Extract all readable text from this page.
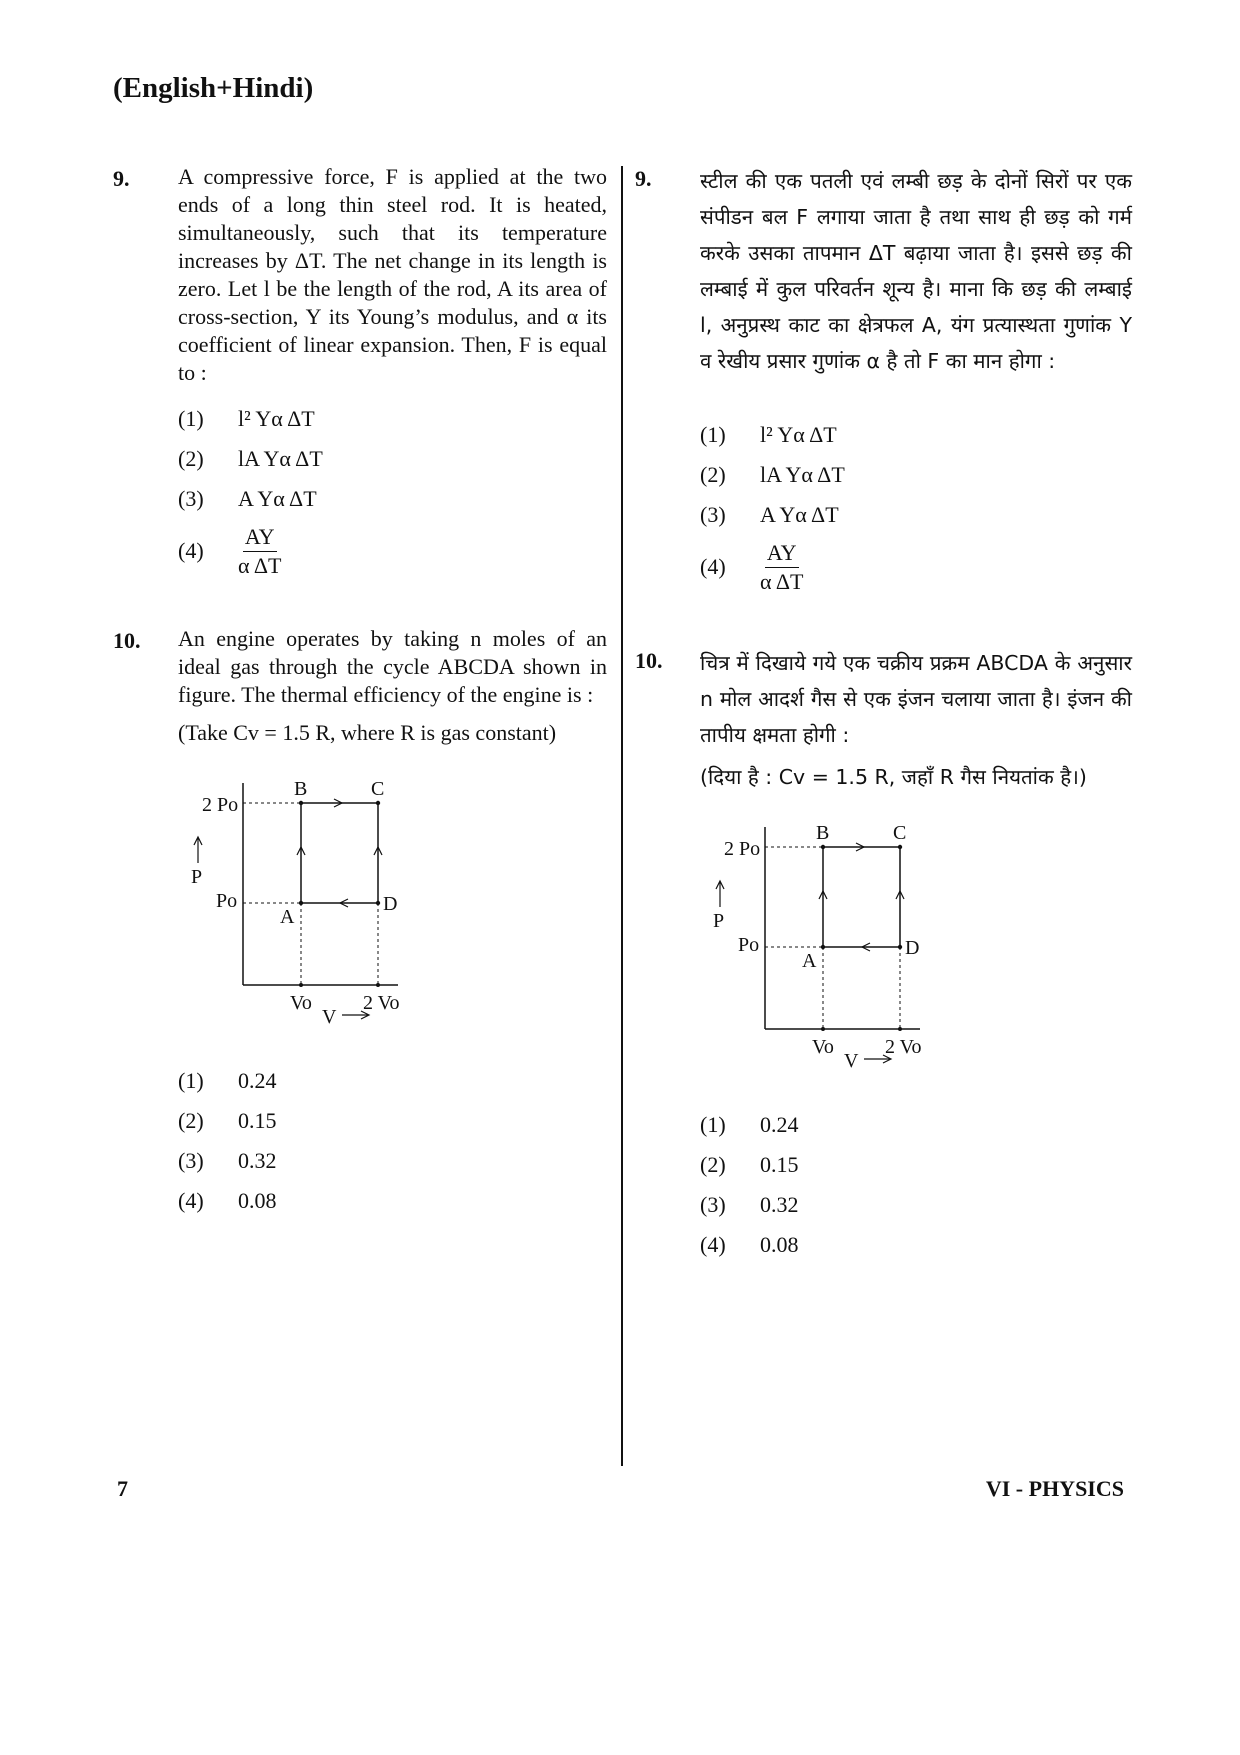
(English+Hindi)
9. A compressive force, F is applied at the two ends of a long thin steel rod. It is heated, simultaneously, such that its temperature increases by ΔT. The net change in its length is zero. Let l be the length of the rod, A its area of cross-section, Y its Young’s modulus, and α its coefficient of linear expansion. Then, F is equal to :
(1)	l² Yα ΔT
(2)	lA Yα ΔT
(3)	A Yα ΔT
(4)	$\frac{AY}{\text{α ΔT}}$
10. An engine operates by taking n moles of an ideal gas through the cycle ABCDA shown in figure. The thermal efficiency of the engine is :
(Take Cv = 1.5 R, where R is gas constant)
B	C
A
D
2 Po
Po
Vo	2 Vo
P
V
(1)	0.24
(2)	0.15
(3)	0.32
(4)	0.08
9. स्टील की एक पतली एवं लम्बी छड़ के दोनों सिरों पर एक संपीडन बल F लगाया जाता है तथा साथ ही छड़ को गर्म करके उसका तापमान ΔT बढ़ाया जाता है। इससे छड़ की लम्बाई में कुल परिवर्तन शून्य है। माना कि छड़ की लम्बाई l, अनुप्रस्थ काट का क्षेत्रफल A, यंग प्रत्यास्थता गुणांक Y व रेखीय प्रसार गुणांक α है तो F का मान होगा :
(1)	l² Yα ΔT
(2)	lA Yα ΔT
(3)	A Yα ΔT
(4)	$\frac{AY}{\text{α ΔT}}$
10. चित्र में दिखाये गये एक चक्रीय प्रक्रम ABCDA के अनुसार n मोल आदर्श गैस से एक इंजन चलाया जाता है। इंजन की तापीय क्षमता होगी :
(दिया है : Cv = 1.5 R, जहाँ R गैस नियतांक है।)
B	C
A
D
2 Po
Po
Vo	2 Vo
P
V
(1)	0.24
(2)	0.15
(3)	0.32
(4)	0.08
7	VI - PHYSICS
